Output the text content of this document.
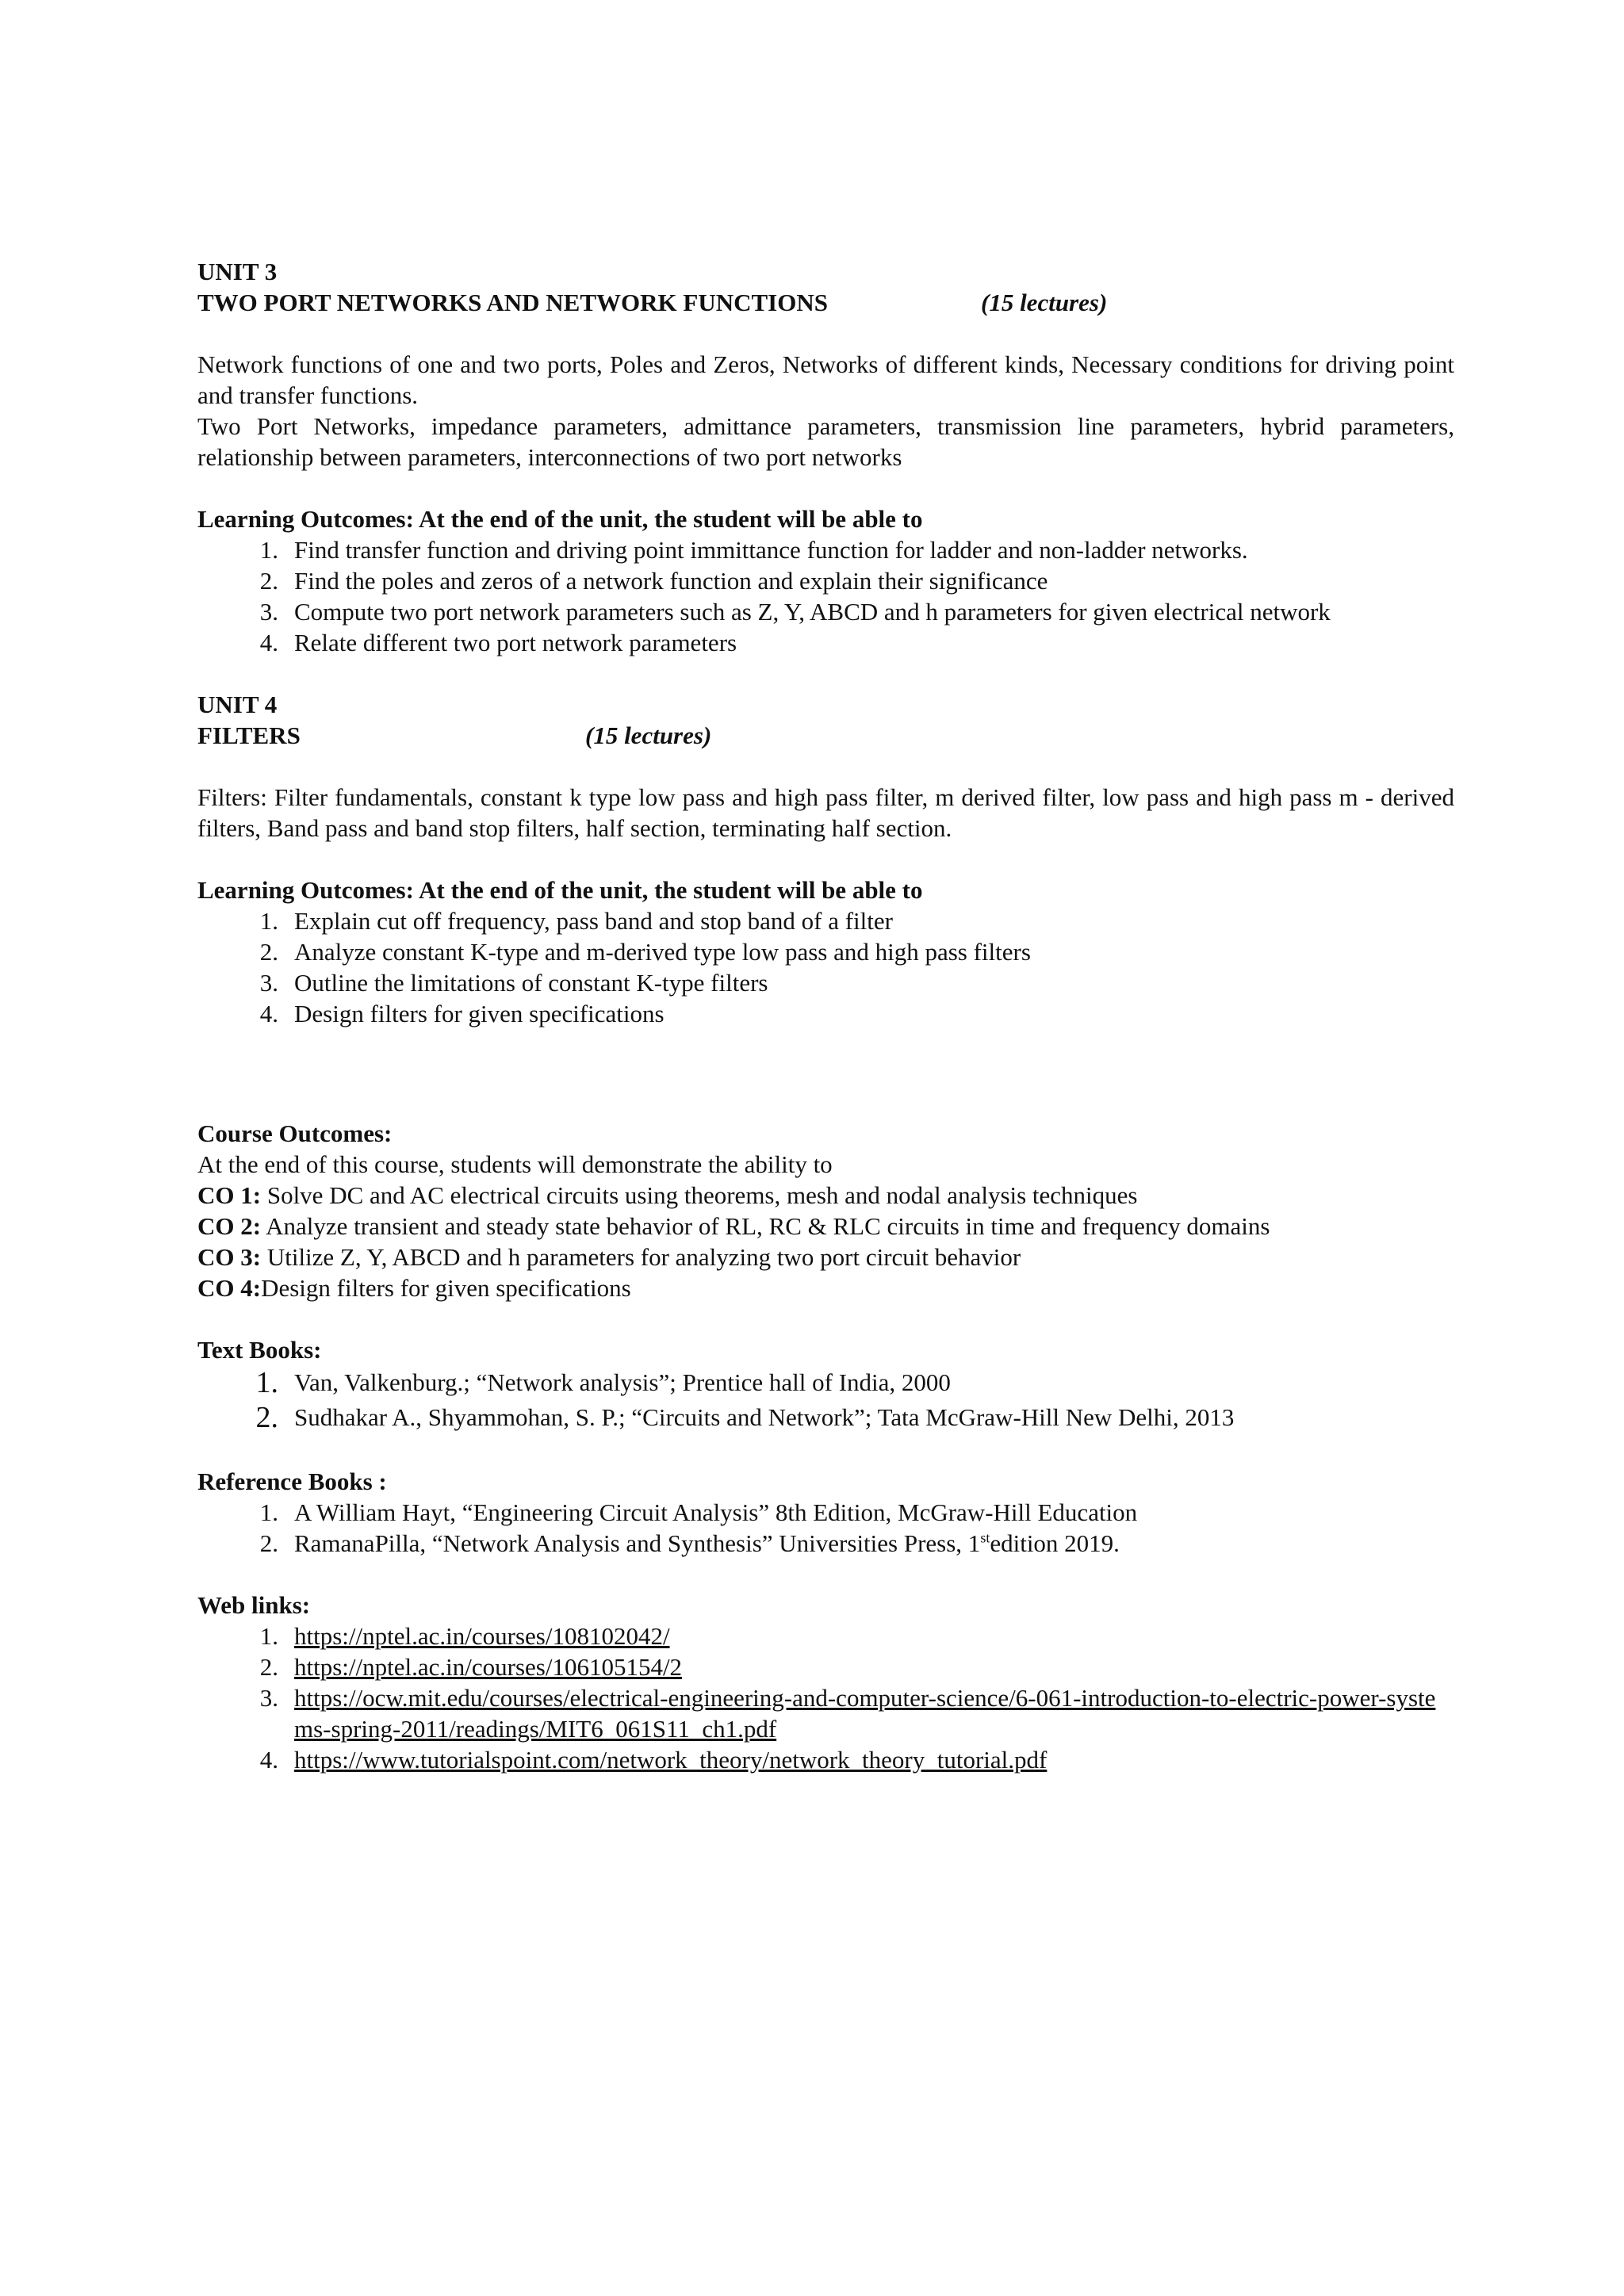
UNIT 3

TWO PORT NETWORKS AND NETWORK FUNCTIONS	(15 lectures)

Network functions of one and two ports, Poles and Zeros, Networks of different kinds, Necessary conditions for driving point and transfer functions.

Two Port Networks, impedance parameters, admittance parameters, transmission line parameters, hybrid parameters, relationship between parameters, interconnections of two port networks

Learning Outcomes: At the end of the unit, the student will be able to

1. Find transfer function and driving point immittance function for ladder and non-ladder networks.
2. Find the poles and zeros of a network function and explain their significance
3. Compute two port network parameters such as Z, Y, ABCD and h parameters for given electrical network
4. Relate different two port network parameters

UNIT 4

FILTERS	(15 lectures)

Filters: Filter fundamentals, constant k type low pass and high pass filter, m derived filter, low pass and high pass m - derived filters, Band pass and band stop filters, half section, terminating half section.

Learning Outcomes: At the end of the unit, the student will be able to

1. Explain cut off frequency, pass band and stop band of a filter
2. Analyze constant K-type and m-derived type low pass and high pass filters
3. Outline the limitations of constant K-type filters
4. Design filters for given specifications

Course Outcomes:

At the end of this course, students will demonstrate the ability to

CO 1: Solve DC and AC electrical circuits using theorems, mesh and nodal analysis techniques

CO 2: Analyze transient and steady state behavior of RL, RC & RLC circuits in time and frequency domains

CO 3: Utilize Z, Y, ABCD and h parameters for analyzing two port circuit behavior

CO 4:Design filters for given specifications

Text Books:

1. Van, Valkenburg.; “Network analysis”; Prentice hall of India, 2000
2. Sudhakar A., Shyammohan, S. P.; “Circuits and Network”; Tata McGraw-Hill New Delhi, 2013

Reference Books :

1. A William Hayt, “Engineering Circuit Analysis” 8th Edition, McGraw-Hill Education
2. RamanaPilla, “Network Analysis and Synthesis” Universities Press, 1stedition 2019.

Web links:

1. https://nptel.ac.in/courses/108102042/
2. https://nptel.ac.in/courses/106105154/2
3. https://ocw.mit.edu/courses/electrical-engineering-and-computer-science/6-061-introduction-to-electric-power-systems-spring-2011/readings/MIT6_061S11_ch1.pdf
4. https://www.tutorialspoint.com/network_theory/network_theory_tutorial.pdf
